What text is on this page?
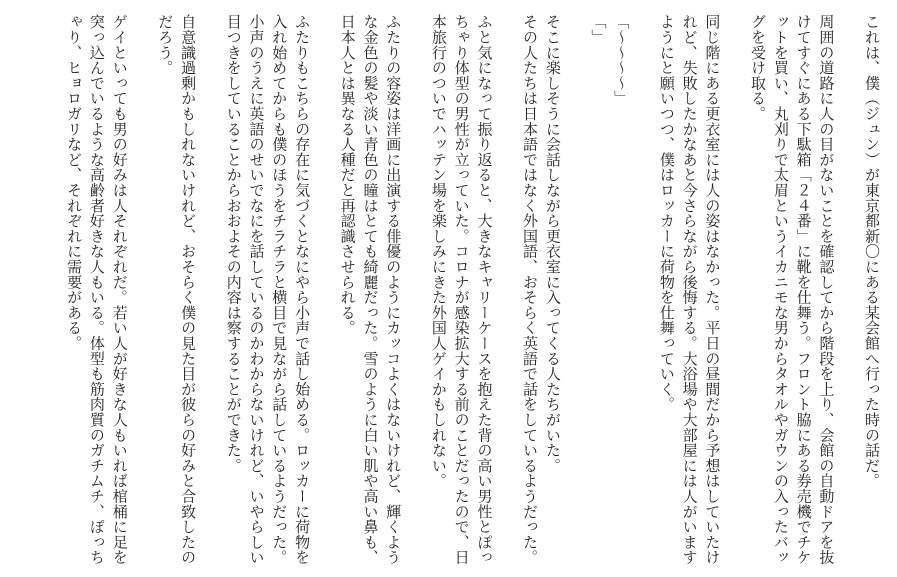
これは、僕（ジュン）が東京都新〇にある某会館へ行った時の話だ。

周囲の道路に人の目がないことを確認してから階段を上り、会館の自動ドアを抜けてすぐにある下駄箱「２４番」に靴を仕舞う。フロント脇にある券売機でチケットを買い、丸刈りで太眉というイカニモな男からタオルやガウンの入ったバッグを受け取る。

同じ階にある更衣室には人の姿はなかった。平日の昼間だから予想はしていたけれど、失敗したかなあと今さらながら後悔する。大浴場や大部屋には人がいますようにと願いつつ、僕はロッカーに荷物を仕舞っていく。

「〜〜〜〜」

「」

そこに楽しそうに会話しながら更衣室に入ってくる人たちがいた。

その人たちは日本語ではなく外国語、おそらく英語で話をしているようだった。

ふと気になって振り返ると、大きなキャリーケースを抱えた背の高い男性とぽっちゃり体型の男性が立っていた。コロナが感染拡大する前のことだったので、日本旅行のついでハッテン場を楽しみにきた外国人ゲイかもしれない。

ふたりの容姿は洋画に出演する俳優のようにカッコよくはないけれど、輝くような金色の髪や淡い青色の瞳はとても綺麗だった。雪のように白い肌や高い鼻も、日本人とは異なる人種だと再認識させられる。

ふたりもこちらの存在に気づくとなにやら小声で話し始める。ロッカーに荷物を入れ始めてからも僕のほうをチラチラと横目で見ながら話しているようだった。小声のうえに英語のせいでなにを話しているのかわからないけれど、いやらしい目つきをしていることからおおよその内容は察することができた。

自意識過剰かもしれないけれど、おそらく僕の見た目が彼らの好みと合致したのだろう。

ゲイといっても男の好みは人それぞれだ。若い人が好きな人もいれば棺桶に足を突っ込んでいるような高齢者好きな人もいる。体型も筋肉質のガチムチ、ぽっちゃり、ヒョロガリなど、それぞれに需要がある。
